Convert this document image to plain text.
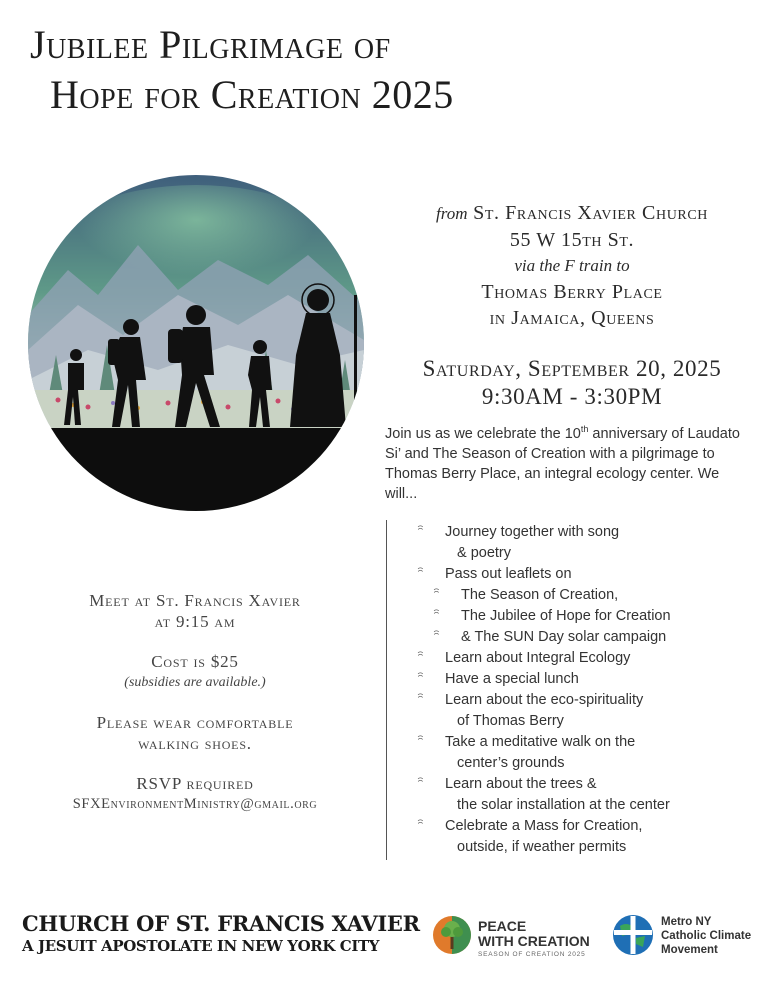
Jubilee Pilgrimage of
Hope for Creation 2025
from St. Francis Xavier Church
55 W 15th St.
via the F train to
Thomas Berry Place
in Jamaica, Queens
Saturday, September 20, 2025
9:30AM - 3:30PM
Join us as we celebrate the 10th anniversary of Laudato Si’ and The Season of Creation with a pilgrimage to Thomas Berry Place, an integral ecology center. We will...
Meet at St. Francis Xavier
at 9:15 am
Cost is $25
(subsidies are available.)
Please wear comfortable
walking shoes.
RSVP required
SFXEnvironmentMinistry@gmail.org
Journey together with song
& poetry
Pass out leaflets on
The Season of Creation,
The Jubilee of Hope for Creation
& The SUN Day solar campaign
Learn about Integral Ecology
Have a special lunch
Learn about the eco-spirituality
of Thomas Berry
Take a meditative walk on the
center’s grounds
Learn about the trees &
the solar installation at the center
Celebrate a Mass for Creation,
outside, if weather permits
CHURCH OF ST. FRANCIS XAVIER
A JESUIT APOSTOLATE IN NEW YORK CITY
PEACE
WITH CREATION
SEASON OF CREATION 2025
Metro NY
Catholic Climate
Movement
